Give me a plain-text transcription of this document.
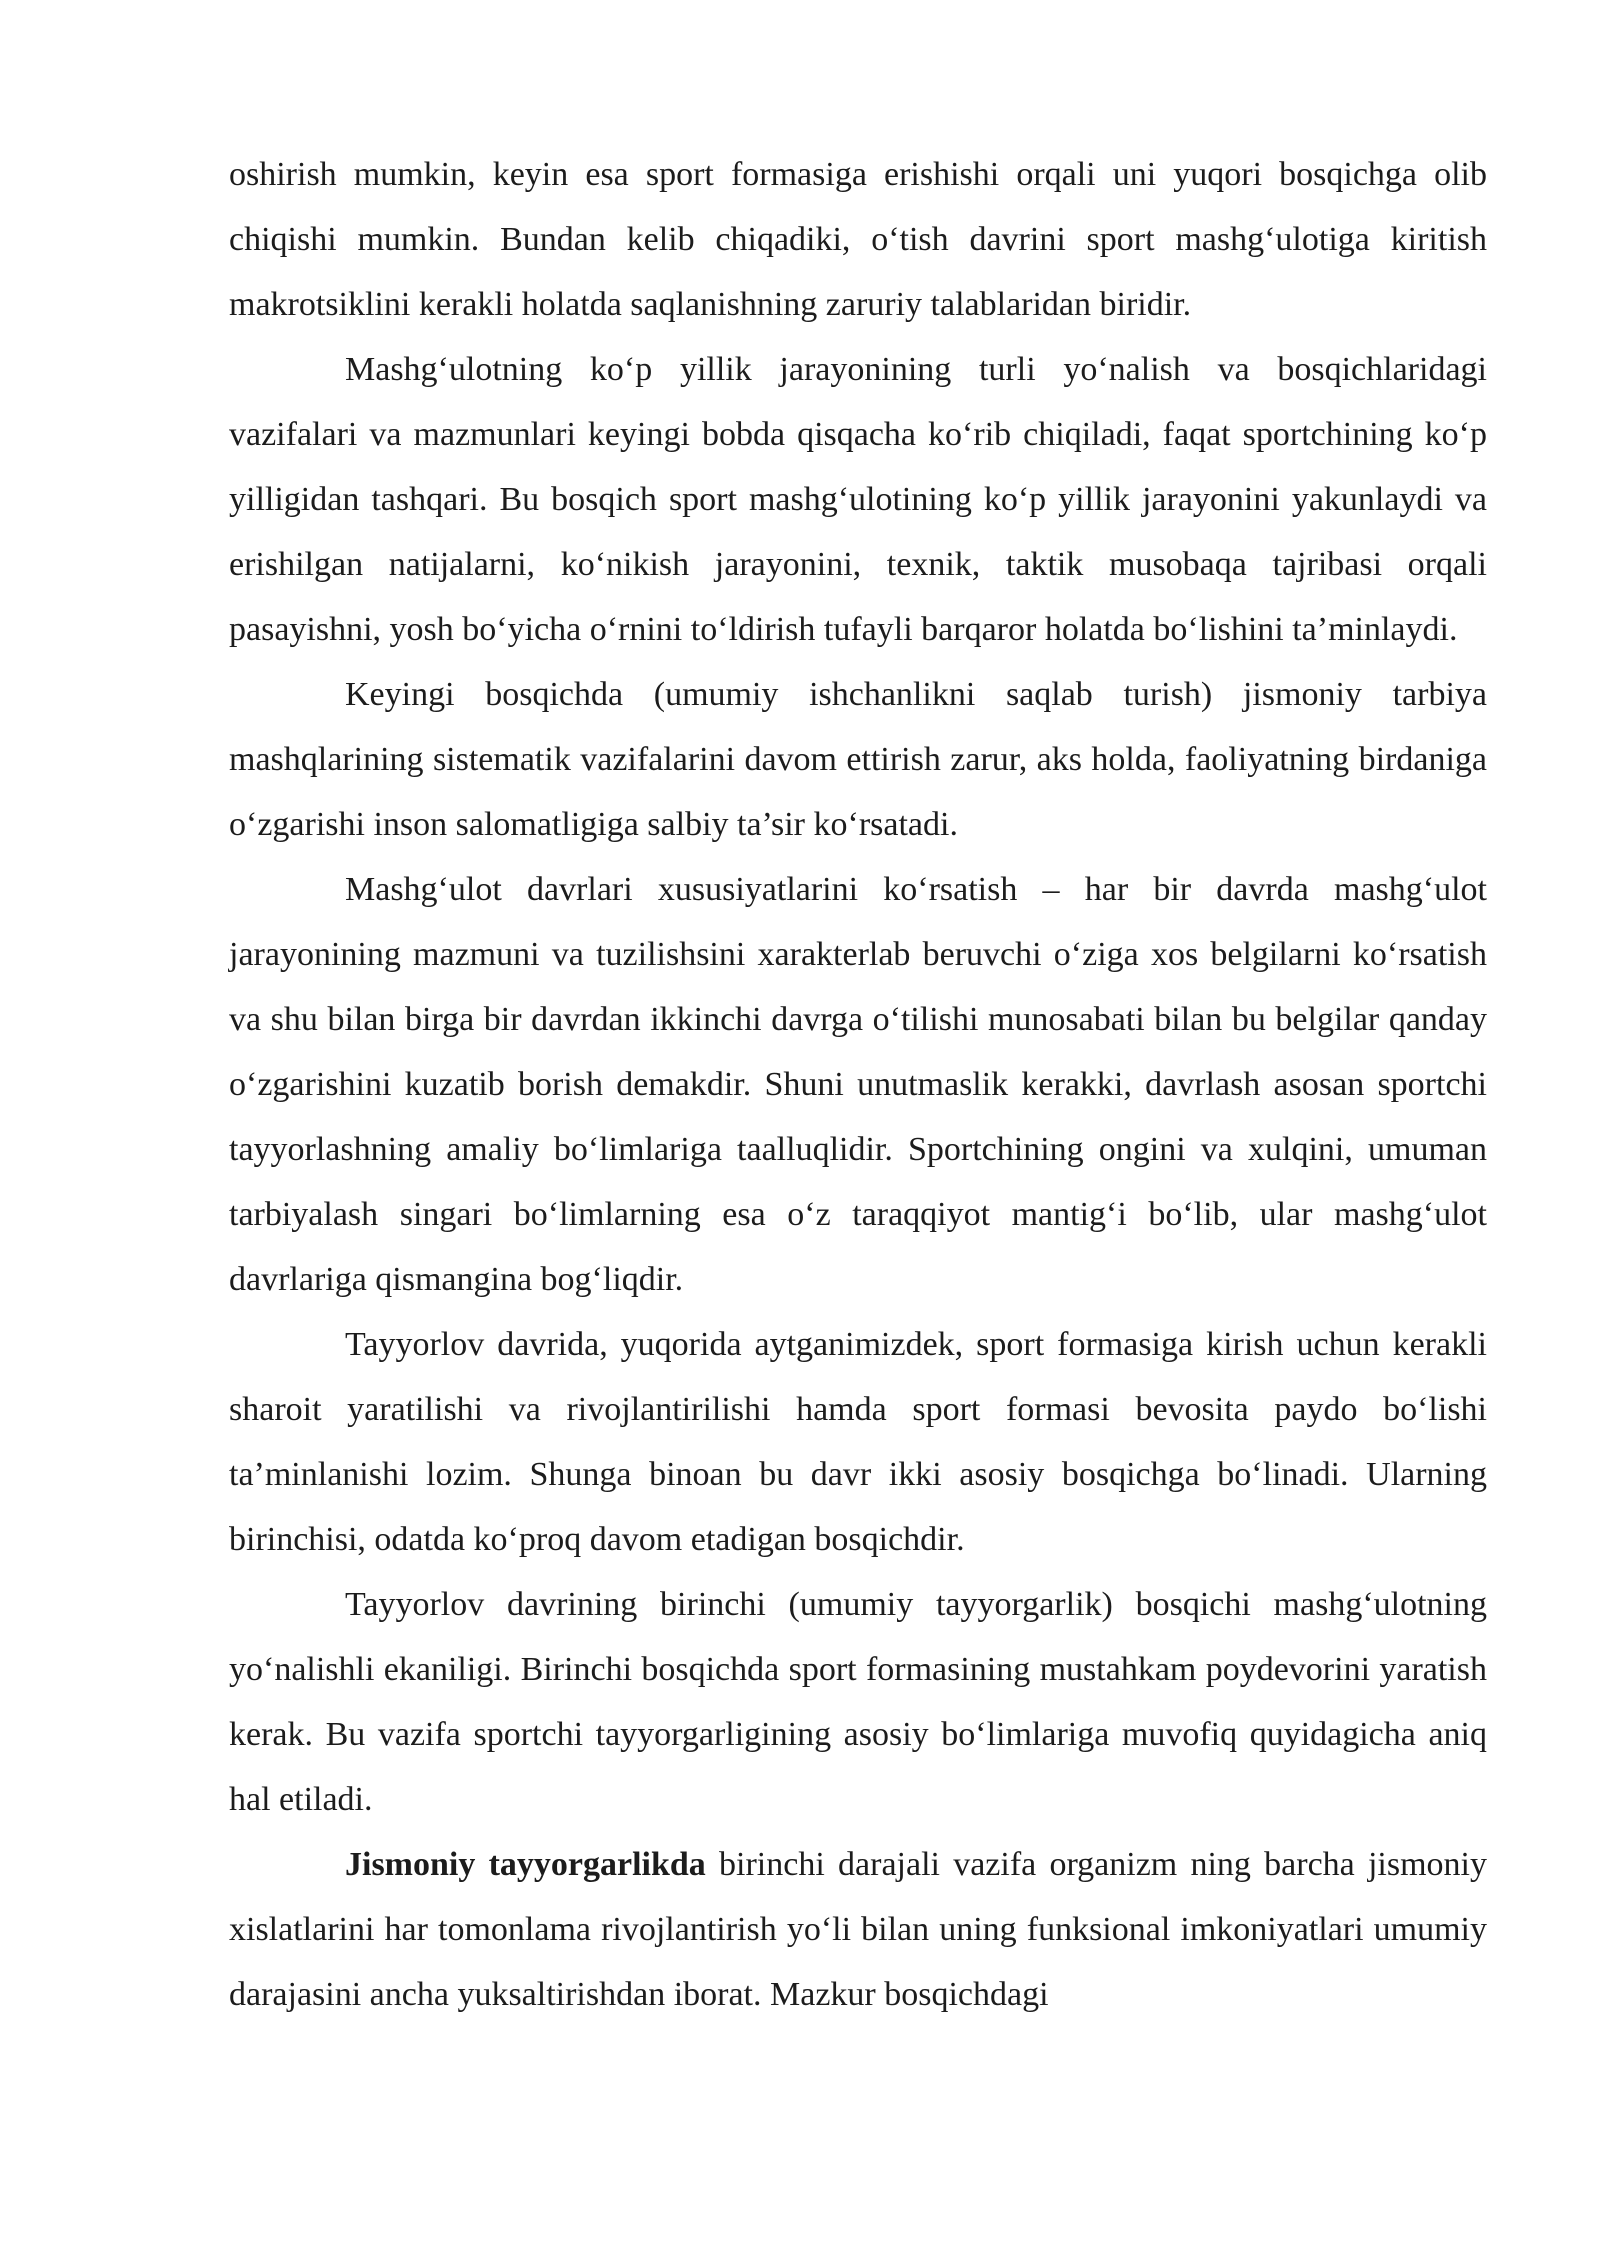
oshirish mumkin, keyin esa sport formasiga erishishi orqali uni yuqori bosqichga olib chiqishi mumkin. Bundan kelib chiqadiki, o‘tish davrini sport mashg‘ulotiga kiritish makrotsiklini kerakli holatda saqlanishning zaruriy talablaridan biridir.

Mashg‘ulotning ko‘p yillik jarayonining turli yo‘nalish va bosqichlaridagi vazifalari va mazmunlari keyingi bobda qisqacha ko‘rib chiqiladi, faqat sportchining ko‘p yilligidan tashqari. Bu bosqich sport mashg‘ulotining ko‘p yillik jarayonini yakunlaydi va erishilgan natijalarni, ko‘nikish jarayonini, texnik, taktik musobaqa tajribasi orqali pasayishni, yosh bo‘yicha o‘rnini to‘ldirish tufayli barqaror holatda bo‘lishini ta’minlaydi.

Keyingi bosqichda (umumiy ishchanlikni saqlab turish) jismoniy tarbiya mashqlarining sistematik vazifalarini davom ettirish zarur, aks holda, faoliyatning birdaniga o‘zgarishi inson salomatligiga salbiy ta’sir ko‘rsatadi.

Mashg‘ulot davrlari xususiyatlarini ko‘rsatish – har bir davrda mashg‘ulot jarayonining mazmuni va tuzilishsini xarakterlab beruvchi o‘ziga xos belgilarni ko‘rsatish va shu bilan birga bir davrdan ikkinchi davrga o‘tilishi munosabati bilan bu belgilar qanday o‘zgarishini kuzatib borish demakdir. Shuni unutmaslik kerakki, davrlash asosan sportchi tayyorlashning amaliy bo‘limlariga taalluqlidir. Sportchining ongini va xulqini, umuman tarbiyalash singari bo‘limlarning esa o‘z taraqqiyot mantig‘i bo‘lib, ular mashg‘ulot davrlariga qismangina bog‘liqdir.

Tayyorlov davrida, yuqorida aytganimizdek, sport formasiga kirish uchun kerakli sharoit yaratilishi va rivojlantirilishi hamda sport formasi bevosita paydo bo‘lishi ta’minlanishi lozim. Shunga binoan bu davr ikki asosiy bosqichga bo‘linadi. Ularning birinchisi, odatda ko‘proq davom etadigan bosqichdir.

Tayyorlov davrining birinchi (umumiy tayyorgarlik) bosqichi mashg‘ulotning yo‘nalishli ekaniligi. Birinchi bosqichda sport formasining mustahkam poydevorini yaratish kerak. Bu vazifa sportchi tayyorgarligining asosiy bo‘limlariga muvofiq quyidagicha aniq hal etiladi.

Jismoniy tayyorgarlikda birinchi darajali vazifa organizm ning barcha jismoniy xislatlarini har tomonlama rivojlantirish yo‘li bilan uning funksional imkoniyatlari umumiy darajasini ancha yuksaltirishdan iborat. Mazkur bosqichdagi
